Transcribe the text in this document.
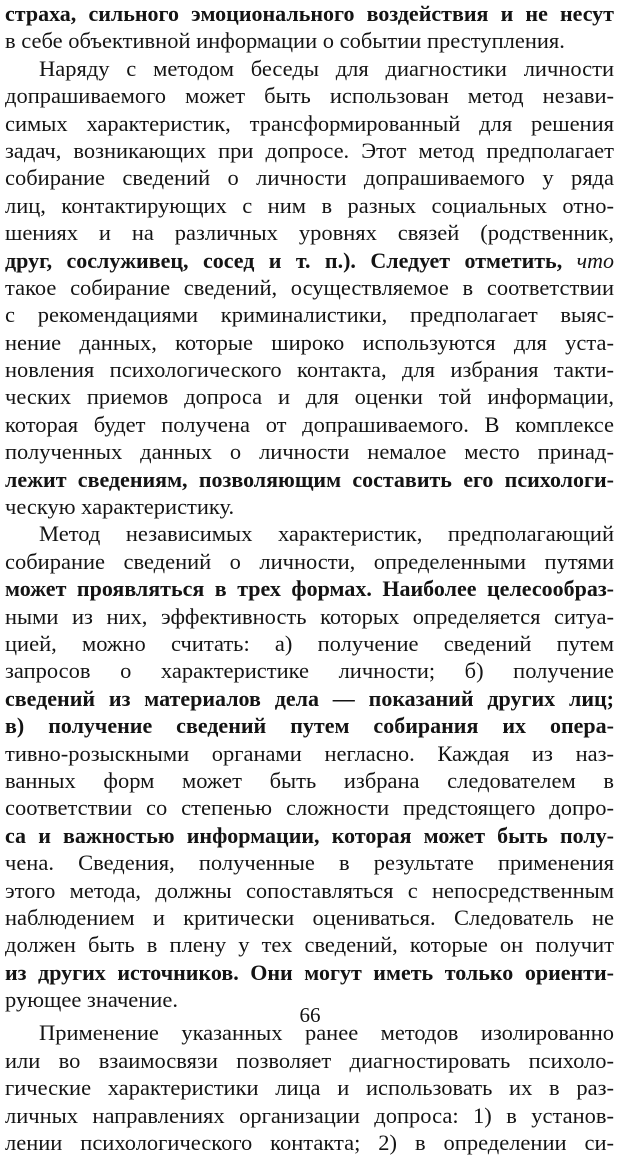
страха, сильного эмоционального воздействия и не несут
в себе объективной информации о событии преступления.
Наряду с методом беседы для диагностики личности
допрашиваемого может быть использован метод незави-
симых характеристик, трансформированный для решения
задач, возникающих при допросе. Этот метод предполагает
собирание сведений о личности допрашиваемого у ряда
лиц, контактирующих с ним в разных социальных отно-
шениях и на различных уровнях связей (родственник,
друг, сослуживец, сосед и т. п.). Следует отметить, что
такое собирание сведений, осуществляемое в соответствии
с рекомендациями криминалистики, предполагает выяс-
нение данных, которые широко используются для уста-
новления психологического контакта, для избрания такти-
ческих приемов допроса и для оценки той информации,
которая будет получена от допрашиваемого. В комплексе
полученных данных о личности немалое место принад-
лежит сведениям, позволяющим составить его психологи-
ческую характеристику.
Метод независимых характеристик, предполагающий
собирание сведений о личности, определенными путями
может проявляться в трех формах. Наиболее целесообраз-
ными из них, эффективность которых определяется ситуа-
цией, можно считать: а) получение сведений путем
запросов о характеристике личности; б) получение
сведений из материалов дела — показаний других лиц;
в) получение сведений путем собирания их опера-
тивно-розыскными органами негласно. Каждая из наз-
ванных форм может быть избрана следователем в
соответствии со степенью сложности предстоящего допро-
са и важностью информации, которая может быть полу-
чена. Сведения, полученные в результате применения
этого метода, должны сопоставляться с непосредственным
наблюдением и критически оцениваться. Следователь не
должен быть в плену у тех сведений, которые он получит
из других источников. Они могут иметь только ориенти-
рующее значение.
Применение указанных ранее методов изолированно
или во взаимосвязи позволяет диагностировать психоло-
гические характеристики лица и использовать их в раз-
личных направлениях организации допроса: 1) в установ-
лении психологического контакта; 2) в определении си-
66
